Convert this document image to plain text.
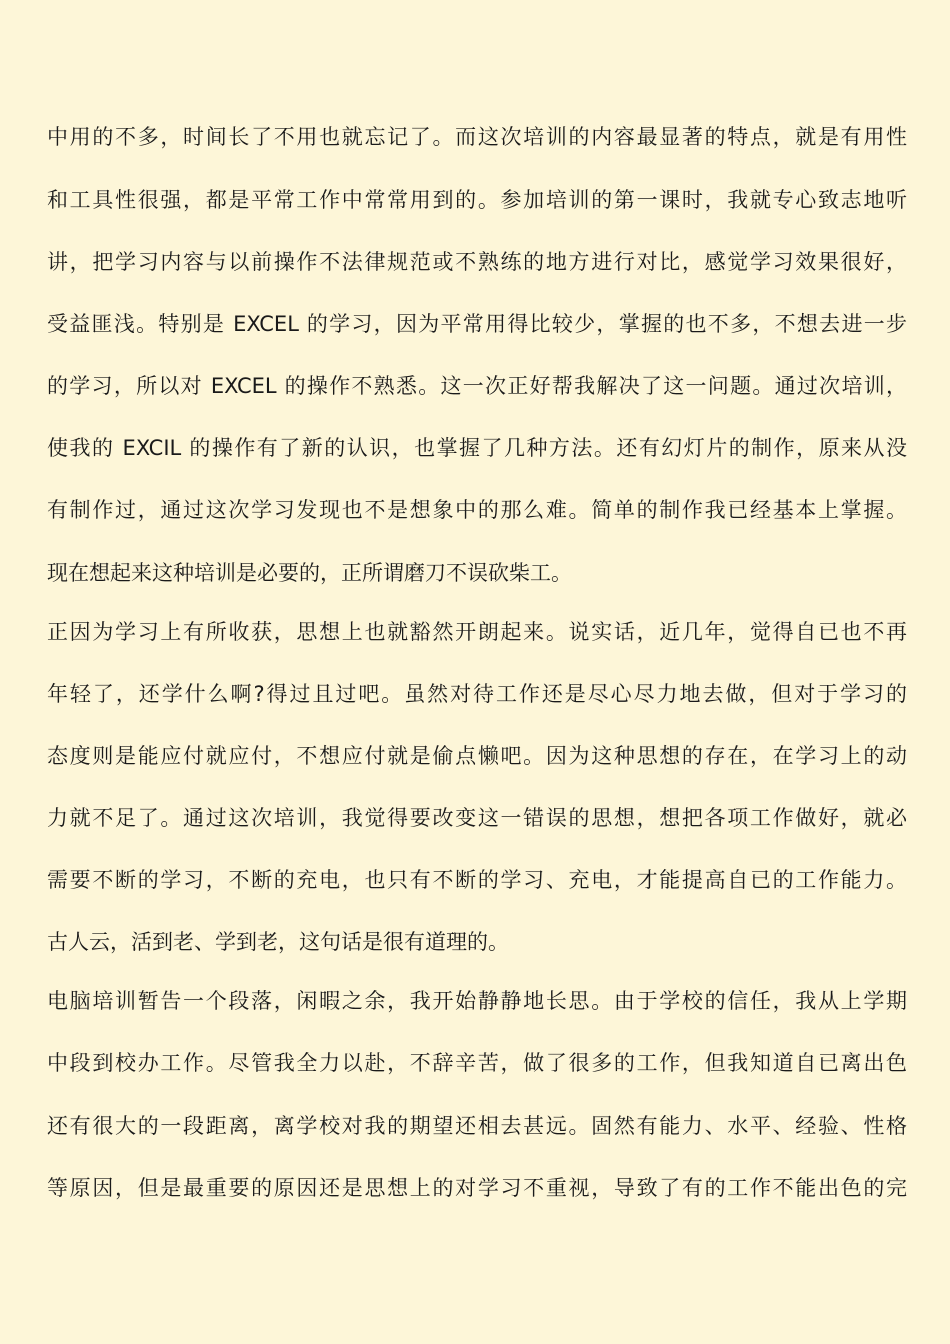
中用的不多，时间长了不用也就忘记了。而这次培训的内容最显著的特点，就是有用性
和工具性很强，都是平常工作中常常用到的。参加培训的第一课时，我就专心致志地听
讲，把学习内容与以前操作不法律规范或不熟练的地方进行对比，感觉学习效果很好，
受益匪浅。特别是 EXCEL 的学习，因为平常用得比较少，掌握的也不多，不想去进一步
的学习，所以对 EXCEL 的操作不熟悉。这一次正好帮我解决了这一问题。通过次培训，
使我的 EXCIL 的操作有了新的认识，也掌握了几种方法。还有幻灯片的制作，原来从没
有制作过，通过这次学习发现也不是想象中的那么难。简单的制作我已经基本上掌握。
现在想起来这种培训是必要的，正所谓磨刀不误砍柴工。
正因为学习上有所收获，思想上也就豁然开朗起来。说实话，近几年，觉得自已也不再
年轻了，还学什么啊?得过且过吧。虽然对待工作还是尽心尽力地去做，但对于学习的
态度则是能应付就应付，不想应付就是偷点懒吧。因为这种思想的存在，在学习上的动
力就不足了。通过这次培训，我觉得要改变这一错误的思想，想把各项工作做好，就必
需要不断的学习，不断的充电，也只有不断的学习、充电，才能提高自已的工作能力。
古人云，活到老、学到老，这句话是很有道理的。
电脑培训暂告一个段落，闲暇之余，我开始静静地长思。由于学校的信任，我从上学期
中段到校办工作。尽管我全力以赴，不辞辛苦，做了很多的工作，但我知道自已离出色
还有很大的一段距离，离学校对我的期望还相去甚远。固然有能力、水平、经验、性格
等原因，但是最重要的原因还是思想上的对学习不重视，导致了有的工作不能出色的完
